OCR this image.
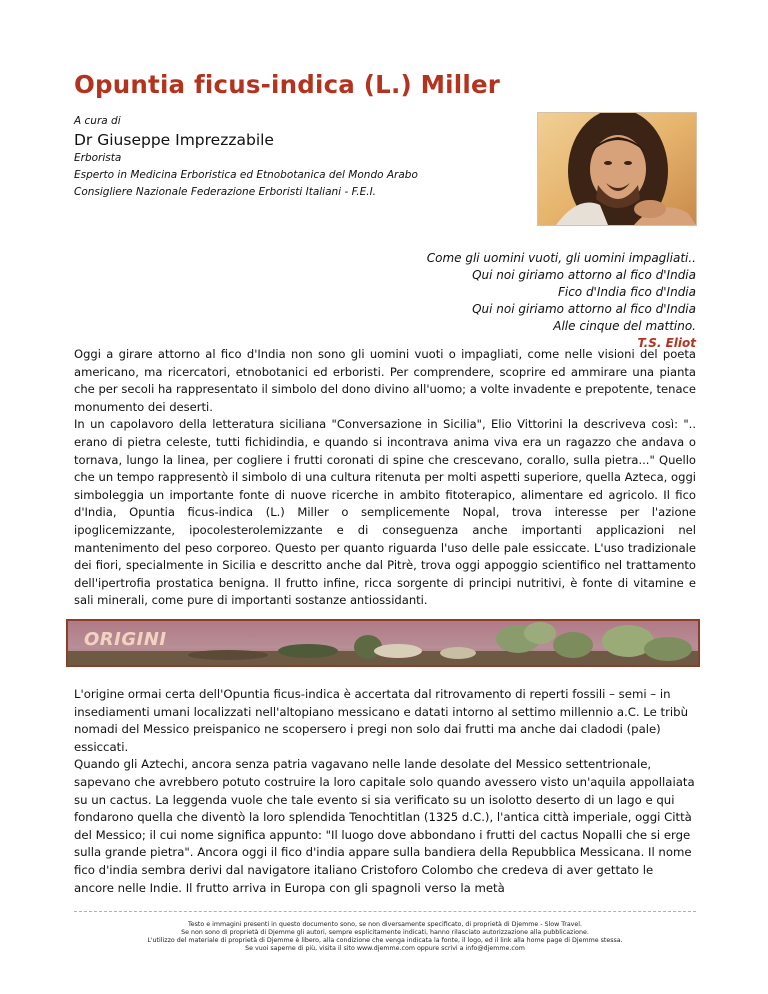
Opuntia ficus-indica (L.) Miller
A cura di
Dr Giuseppe Imprezzabile
Erborista
Esperto in Medicina Erboristica ed Etnobotanica del Mondo Arabo
Consigliere Nazionale Federazione Erboristi Italiani - F.E.I.
Come gli uomini vuoti, gli uomini impagliati..
Qui noi giriamo attorno al fico d'India
Fico d'India fico d'India
Qui noi giriamo attorno al fico d'India
Alle cinque del mattino.
T.S. Eliot

Oggi a girare attorno al fico d'India non sono gli uomini vuoti o impagliati, come nelle visioni del poeta americano, ma ricercatori, etnobotanici ed erboristi. Per comprendere, scoprire ed ammirare una pianta che per secoli ha rappresentato il simbolo del dono divino all'uomo; a volte invadente e prepotente, tenace monumento dei deserti.
In un capolavoro della letteratura siciliana "Conversazione in Sicilia", Elio Vittorini la descriveva così: ".. erano di pietra celeste, tutti fichidindia, e quando si incontrava anima viva era un ragazzo che andava o tornava, lungo la linea, per cogliere i frutti coronati di spine che crescevano, corallo, sulla pietra..." Quello che un tempo rappresentò il simbolo di una cultura ritenuta per molti aspetti superiore, quella Azteca, oggi simboleggia un importante fonte di nuove ricerche in ambito fitoterapico, alimentare ed agricolo. Il fico d'India, Opuntia ficus-indica (L.) Miller o semplicemente Nopal, trova interesse per l'azione ipoglicemizzante, ipocolesterolemizzante e di conseguenza anche importanti applicazioni nel mantenimento del peso corporeo. Questo per quanto riguarda l'uso delle pale essiccate. L'uso tradizionale dei fiori, specialmente in Sicilia e descritto anche dal Pitrè, trova oggi appoggio scientifico nel trattamento dell'ipertrofia prostatica benigna. Il frutto infine, ricca sorgente di principi nutritivi, è fonte di vitamine e sali minerali, come pure di importanti sostanze antiossidanti.

ORIGINI

L'origine ormai certa dell'Opuntia ficus-indica è accertata dal ritrovamento di reperti fossili – semi – in insediamenti umani localizzati nell'altopiano messicano e datati intorno al settimo millennio a.C. Le tribù nomadi del Messico preispanico ne scopersero i pregi non solo dai frutti ma anche dai cladodi (pale) essiccati.
Quando gli Aztechi, ancora senza patria vagavano nelle lande desolate del Messico settentrionale, sapevano che avrebbero potuto costruire la loro capitale solo quando avessero visto un'aquila appollaiata su un cactus. La leggenda vuole che tale evento si sia verificato su un isolotto deserto di un lago e qui fondarono quella che diventò la loro splendida Tenochtitlan (1325 d.C.), l'antica città imperiale, oggi Città del Messico; il cui nome significa appunto: "Il luogo dove abbondano i frutti del cactus Nopalli che si erge sulla grande pietra". Ancora oggi il fico d'india appare sulla bandiera della Repubblica Messicana. Il nome fico d'india sembra derivi dal navigatore italiano Cristoforo Colombo che credeva di aver gettato le ancore nelle Indie. Il frutto arriva in Europa con gli spagnoli verso la metà

Testo e immagini presenti in questo documento sono, se non diversamente specificato, di proprietà di Djemme - Slow Travel.
Se non sono di proprietà di Djemme gli autori, sempre esplicitamente indicati, hanno rilasciato autorizzazione alla pubblicazione.
L'utilizzo del materiale di proprietà di Djemme è libero, alla condizione che venga indicata la fonte, il logo, ed il link alla home page di Djemme stessa.
Se vuoi saperne di più, visita il sito www.djemme.com oppure scrivi a info@djemme.com
